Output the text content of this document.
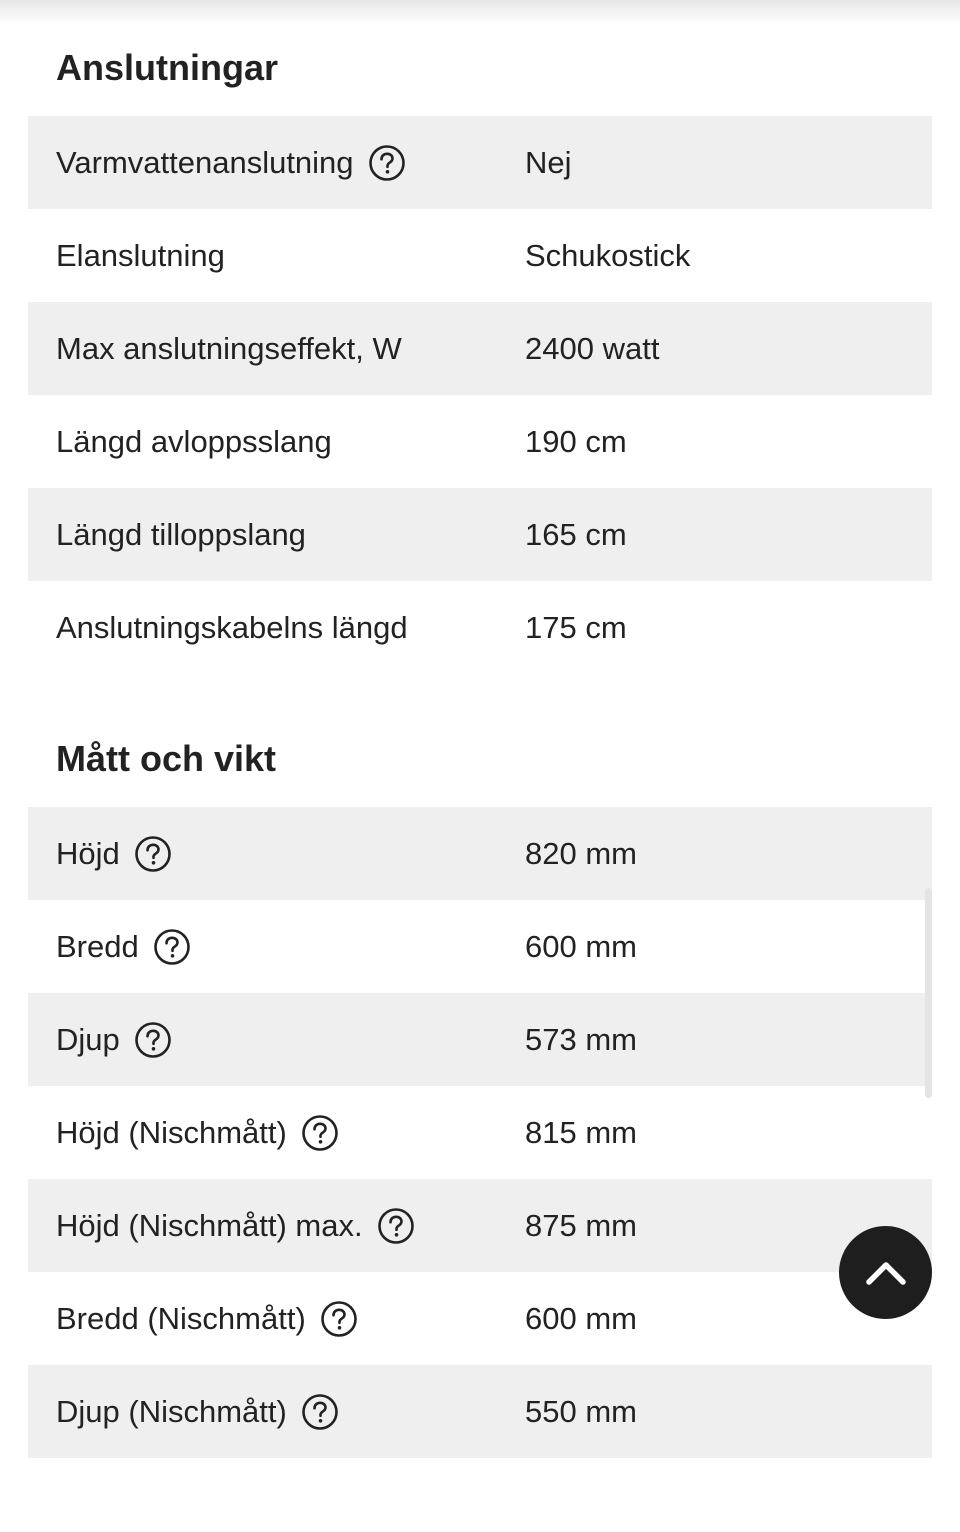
Anslutningar
Varmvattenanslutning	Nej
Elanslutning	Schukostick
Max anslutningseffekt, W	2400 watt
Längd avloppsslang	190 cm
Längd tilloppslang	165 cm
Anslutningskabelns längd	175 cm
Mått och vikt
Höjd	820 mm
Bredd	600 mm
Djup	573 mm
Höjd (Nischmått)	815 mm
Höjd (Nischmått) max.	875 mm
Bredd (Nischmått)	600 mm
Djup (Nischmått)	550 mm
